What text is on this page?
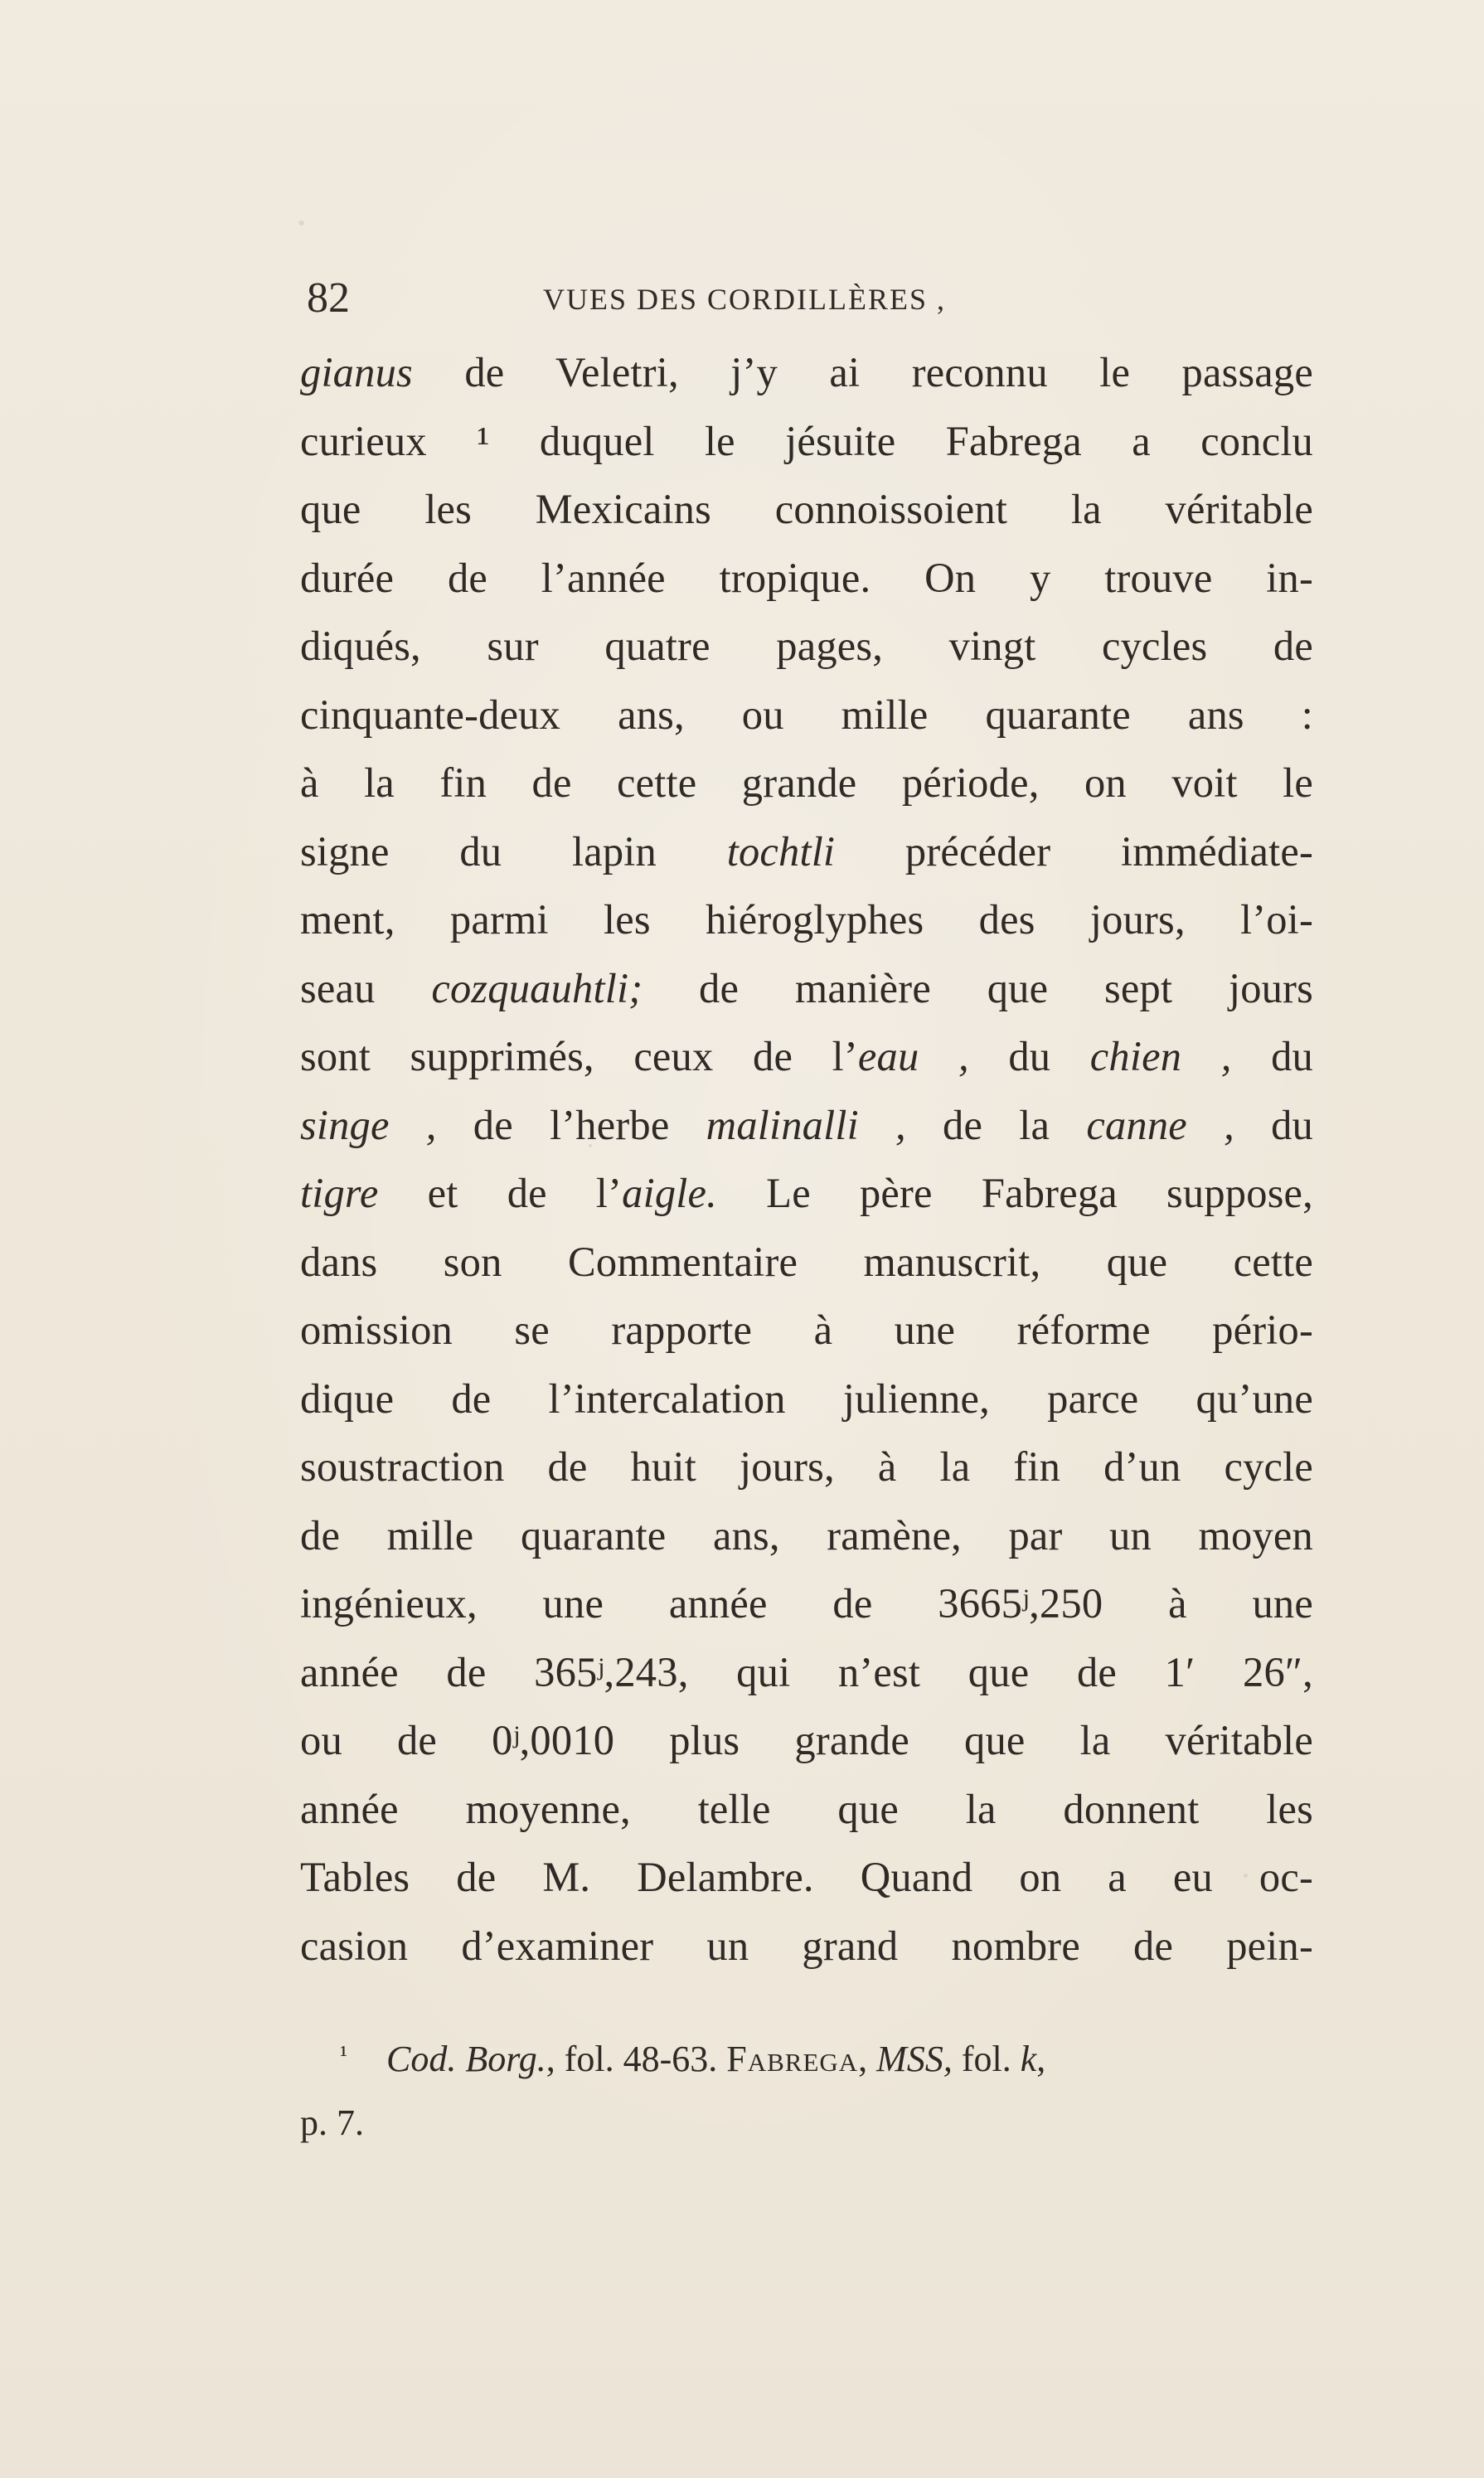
82	VUES DES CORDILLÈRES ,
gianus de Veletri, j’y ai reconnu le passage
curieux ¹ duquel le jésuite Fabrega a conclu
que les Mexicains connoissoient la véritable
durée de l’année tropique. On y trouve in-
diqués, sur quatre pages, vingt cycles de
cinquante-deux ans, ou mille quarante ans :
à la fin de cette grande période, on voit le
signe du lapin tochtli précéder immédiate-
ment, parmi les hiéroglyphes des jours, l’oi-
seau cozquauhtli; de manière que sept jours
sont supprimés, ceux de l’eau , du chien , du
singe , de l’herbe malinalli , de la canne , du
tigre et de l’aigle. Le père Fabrega suppose,
dans son Commentaire manuscrit, que cette
omission se rapporte à une réforme pério-
dique de l’intercalation julienne, parce qu’une
soustraction de huit jours, à la fin d’un cycle
de mille quarante ans, ramène, par un moyen
ingénieux, une année de 3665ʲ,250 à une
année de 365ʲ,243, qui n’est que de 1′ 26″,
ou de 0ʲ,0010 plus grande que la véritable
année moyenne, telle que la donnent les
Tables de M. Delambre. Quand on a eu oc-
casion d’examiner un grand nombre de pein-
¹ Cod. Borg., fol. 48-63. Fabrega, MSS, fol. k,
p. 7.
